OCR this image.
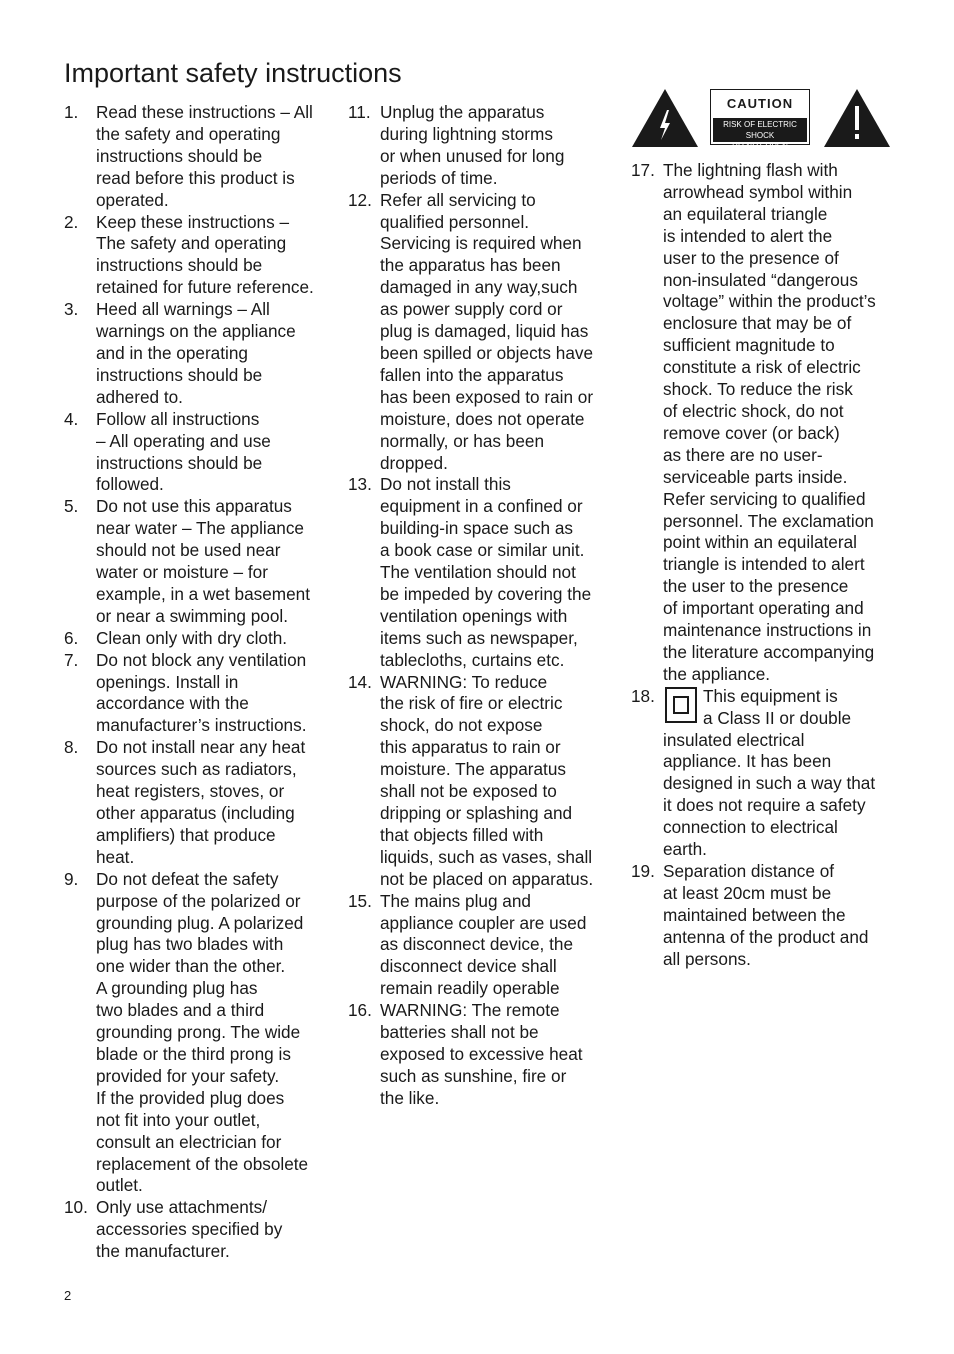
Important safety instructions
CAUTION
RISK OF ELECTRIC SHOCK
DO NOT OPEN
1. Read these instructions – All
the safety and operating
instructions should be
read before this product is
operated.
2. Keep these instructions –
The safety and operating
instructions should be
retained for future reference.
3. Heed all warnings – All
warnings on the appliance
and in the operating
instructions should be
adhered to.
4. Follow all instructions
– All operating and use
instructions should be
followed.
5. Do not use this apparatus
near water – The appliance
should not be used near
water or moisture – for
example, in a wet basement
or near a swimming pool.
6. Clean only with dry cloth.
7. Do not block any ventilation
openings. Install in
accordance with the
manufacturer’s instructions.
8. Do not install near any heat
sources such as radiators,
heat registers, stoves, or
other apparatus (including
amplifiers) that produce
heat.
9. Do not defeat the safety
purpose of the polarized or
grounding plug. A polarized
plug has two blades with
one wider than the other.
A grounding plug has
two blades and a third
grounding prong. The wide
blade or the third prong is
provided for your safety.
If the provided plug does
not fit into your outlet,
consult an electrician for
replacement of the obsolete
outlet.
10. Only use attachments/
accessories specified by
the manufacturer.
11. Unplug the apparatus
during lightning storms
or when unused for long
periods of time.
12. Refer all servicing to
qualified personnel.
Servicing is required when
the apparatus has been
damaged in any way,such
as power supply cord or
plug is damaged, liquid has
been spilled or objects have
fallen into the apparatus
has been exposed to rain or
moisture, does not operate
normally, or has been
dropped.
13. Do not install this
equipment in a confined or
building-in space such as
a book case or similar unit.
The ventilation should not
be impeded by covering the
ventilation openings with
items such as newspaper,
tablecloths, curtains etc.
14. WARNING: To reduce
the risk of fire or electric
shock, do not expose
this apparatus to rain or
moisture. The apparatus
shall not be exposed to
dripping or splashing and
that objects filled with
liquids, such as vases, shall
not be placed on apparatus.
15. The mains plug and
appliance coupler are used
as disconnect device, the
disconnect device shall
remain readily operable
16. WARNING: The remote
batteries shall not be
exposed to excessive heat
such as sunshine, fire or
the like.
17. The lightning flash with
arrowhead symbol within
an equilateral triangle
is intended to alert the
user to the presence of
non-insulated “dangerous
voltage” within the product’s
enclosure that may be of
sufficient magnitude to
constitute a risk of electric
shock. To reduce the risk
of electric shock, do not
remove cover (or back)
as there are no user-
serviceable parts inside.
Refer servicing to qualified
personnel. The exclamation
point within an equilateral
triangle is intended to alert
the user to the presence
of important operating and
maintenance instructions in
the literature accompanying
the appliance.
18.	This equipment is
a Class II or double
insulated electrical
appliance. It has been
designed in such a way that
it does not require a safety
connection to electrical
earth.
19. Separation distance of
at least 20cm must be
maintained between the
antenna of the product and
all persons.
2
